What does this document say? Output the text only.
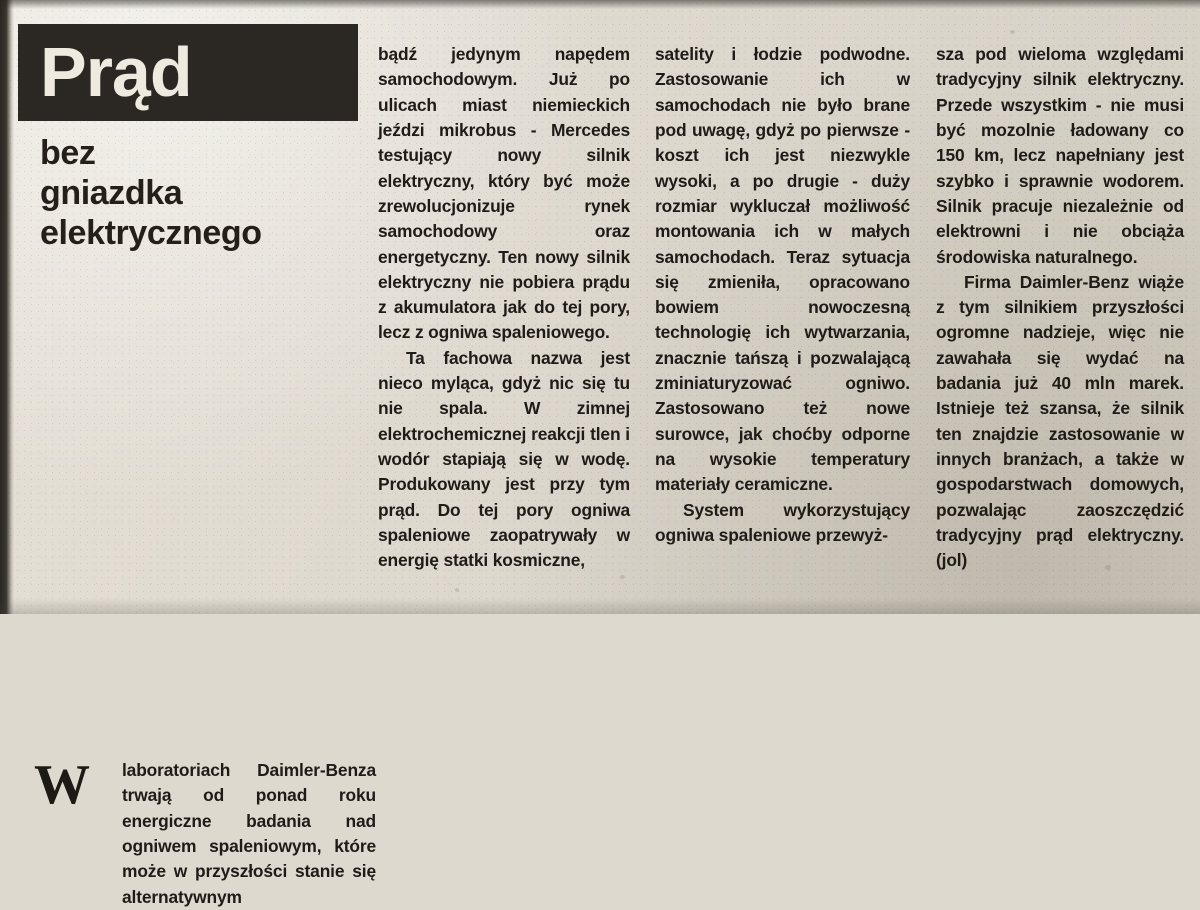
Prąd
bez
gniazdka
elektrycznego
W laboratoriach Daimler-Benza trwają od ponad roku energiczne badania nad ogniwem spaleniowym, które może w przyszłości stanie się alternatywnym

bądź jedynym napędem samochodowym. Już po ulicach miast niemieckich jeździ mikrobus - Mercedes testujący nowy silnik elektryczny, który być może zrewolucjonizuje rynek samochodowy oraz energetyczny. Ten nowy silnik elektryczny nie pobiera prądu z akumulatora jak do tej pory, lecz z ogniwa spaleniowego.

Ta fachowa nazwa jest nieco myląca, gdyż nic się tu nie spala. W zimnej elektrochemicznej reakcji tlen i wodór stapiają się w wodę. Produkowany jest przy tym prąd. Do tej pory ogniwa spaleniowe zaopatrywały w energię statki kosmiczne,

satelity i łodzie podwodne. Zastosowanie ich w samochodach nie było brane pod uwagę, gdyż po pierwsze - koszt ich jest niezwykle wysoki, a po drugie - duży rozmiar wykluczał możliwość montowania ich w małych samochodach. Teraz sytuacja się zmieniła, opracowano bowiem nowoczesną technologię ich wytwarzania, znacznie tańszą i pozwalającą zminiaturyzować ogniwo. Zastosowano też nowe surowce, jak choćby odporne na wysokie temperatury materiały ceramiczne.

System wykorzystujący ogniwa spaleniowe przewyż-

sza pod wieloma względami tradycyjny silnik elektryczny. Przede wszystkim - nie musi być mozolnie ładowany co 150 km, lecz napełniany jest szybko i sprawnie wodorem. Silnik pracuje niezależnie od elektrowni i nie obciąża środowiska naturalnego.

Firma Daimler-Benz wiąże z tym silnikiem przyszłości ogromne nadzieje, więc nie zawahała się wydać na badania już 40 mln marek. Istnieje też szansa, że silnik ten znajdzie zastosowanie w innych branżach, a także w gospodarstwach domowych, pozwalając zaoszczędzić tradycyjny prąd elektryczny. (jol)
